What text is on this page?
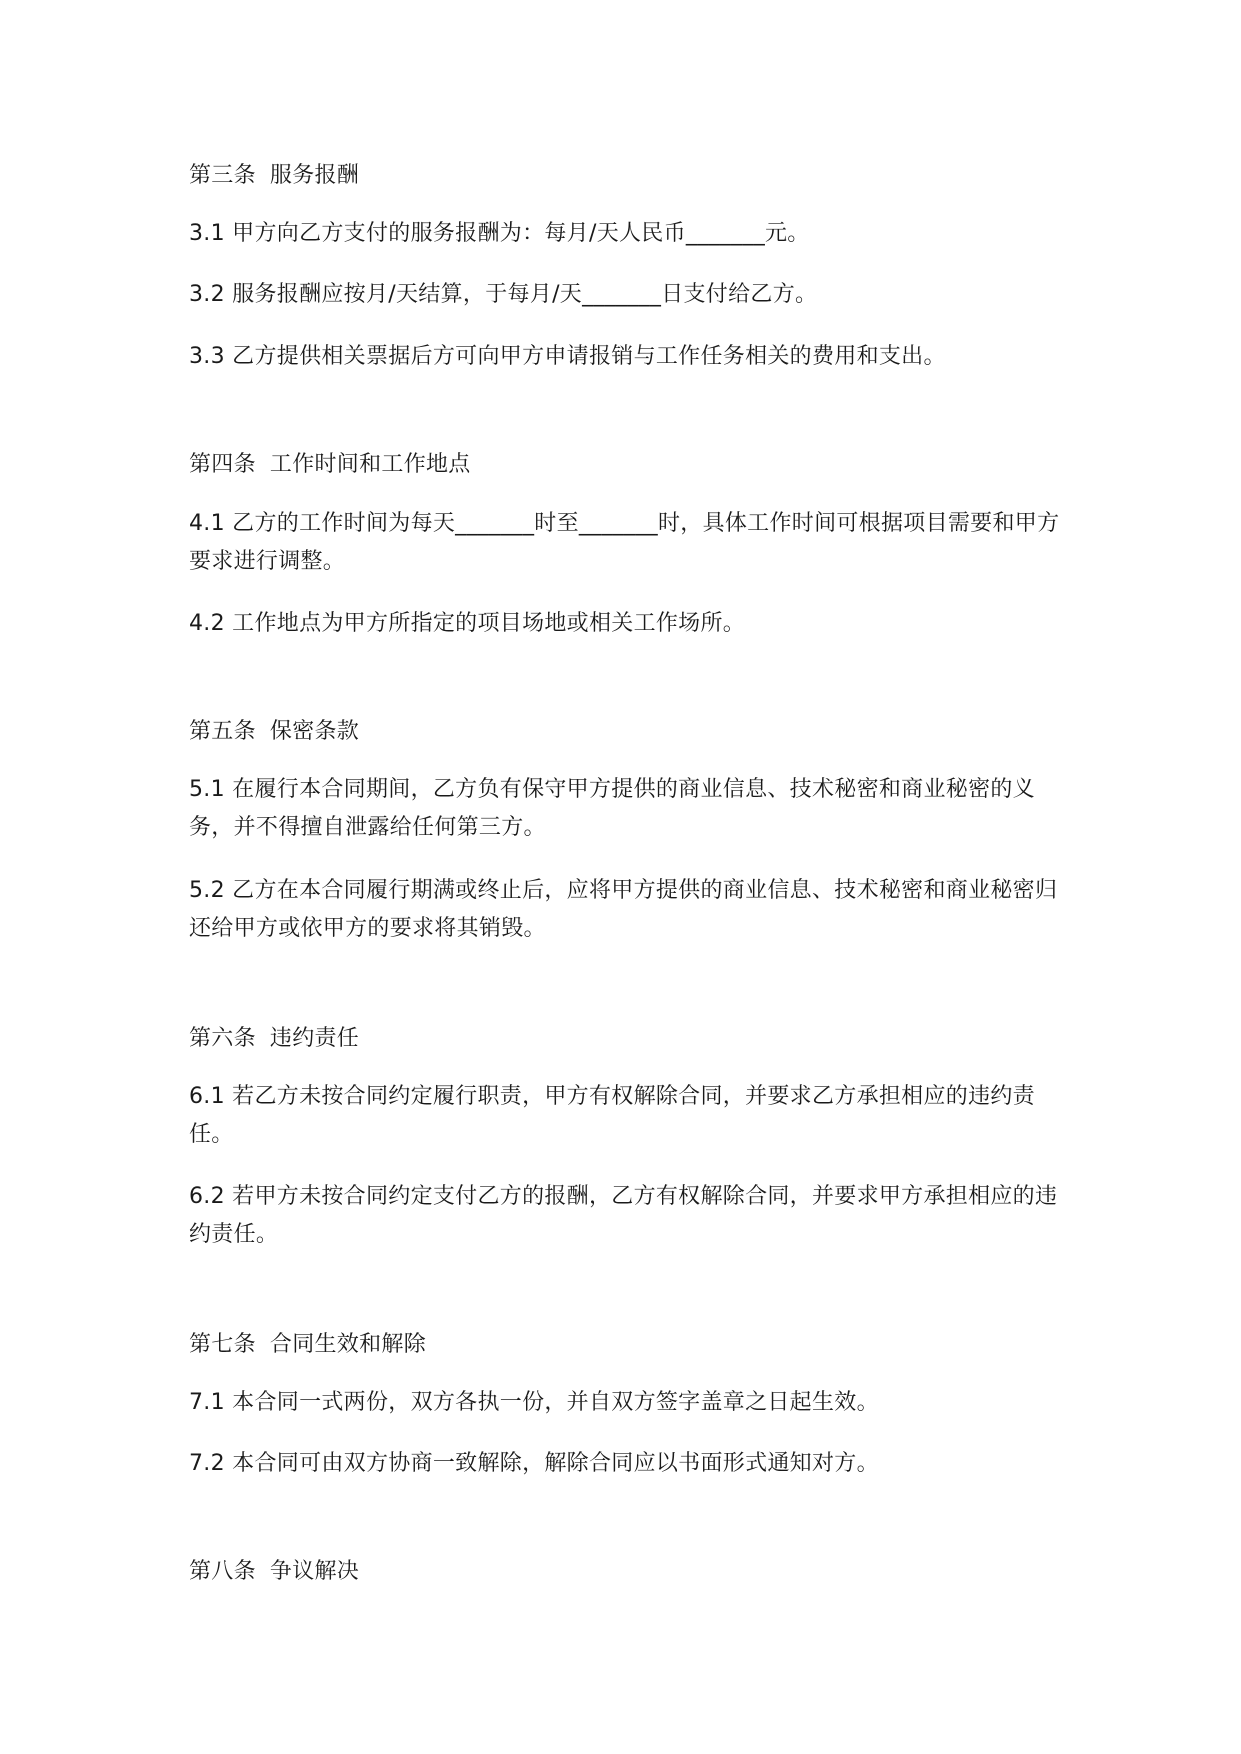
第三条 服务报酬

3.1 甲方向乙方支付的服务报酬为：每月/天人民币_______元。

3.2 服务报酬应按月/天结算，于每月/天_______日支付给乙方。

3.3 乙方提供相关票据后方可向甲方申请报销与工作任务相关的费用和支出。

第四条 工作时间和工作地点

4.1 乙方的工作时间为每天_______时至_______时，具体工作时间可根据项目需要和甲方要求进行调整。

4.2 工作地点为甲方所指定的项目场地或相关工作场所。

第五条 保密条款

5.1 在履行本合同期间，乙方负有保守甲方提供的商业信息、技术秘密和商业秘密的义务，并不得擅自泄露给任何第三方。

5.2 乙方在本合同履行期满或终止后，应将甲方提供的商业信息、技术秘密和商业秘密归还给甲方或依甲方的要求将其销毁。

第六条 违约责任

6.1 若乙方未按合同约定履行职责，甲方有权解除合同，并要求乙方承担相应的违约责任。

6.2 若甲方未按合同约定支付乙方的报酬，乙方有权解除合同，并要求甲方承担相应的违约责任。

第七条 合同生效和解除

7.1 本合同一式两份，双方各执一份，并自双方签字盖章之日起生效。

7.2 本合同可由双方协商一致解除，解除合同应以书面形式通知对方。

第八条 争议解决
